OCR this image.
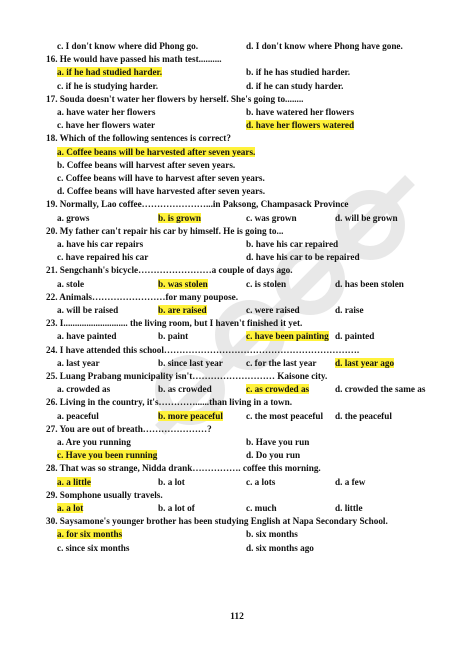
c. I don't know where did Phong go.	d. I don't know where Phong have gone.
16. He would have passed his math test..........
a. if he had studied harder.	b. if he has studied harder.
c. if he is studying harder.	d. if he can study harder.
17. Souda doesn't water her flowers by herself. She's going to........
a. have water her flowers	b. have watered her flowers
c. have her flowers water	d. have her flowers watered
18. Which of the following sentences is correct?
a. Coffee beans will be harvested after seven years.
b. Coffee beans will harvest after seven years.
c. Coffee beans will have to harvest after seven years.
d. Coffee beans will have harvested after seven years.
19. Normally, Lao coffee…………………...in Paksong, Champasack Province
a. grows	b. is grown	c. was grown	d. will be grown
20. My father can't repair his car by himself. He is going to...
a. have his car repairs	b. have his car repaired
c. have repaired his car	d. have his car to be repaired
21. Sengchanh's bicycle……………………a couple of days ago.
a. stole	b. was stolen	c. is stolen	d. has been stolen
22. Animals……………………for many poupose.
a. will be raised	b. are raised	c. were raised	d. raise
23. I............................ the living room, but I haven't finished it yet.
a. have painted	b. paint	c. have been painting d. painted
24. I have attended this school……………………………………………………….
a. last year	b. since last year	c. for the last year d. last year ago
25. Luang Prabang municipality isn't……………………… Kaisone city.
a. crowded as	b. as crowded	c. as crowded as	d. crowded the same as
26. Living in the country, it's…………......than living in a town.
a. peaceful	b. more peaceful	c. the most peaceful d. the peaceful
27. You are out of breath…………………?
a. Are you running	b. Have you run
c. Have you been running	d. Do you run
28. That was so strange, Nidda drank……………. coffee this morning.
a. a little	b. a lot	c. a lots	d. a few
29. Somphone usually travels.
a. a lot	b. a lot of	c. much	d. little
30. Saysamone's younger brother has been studying English at Napa Secondary School.
a. for six months	b. six months
c. since six months	d. six months ago
112
